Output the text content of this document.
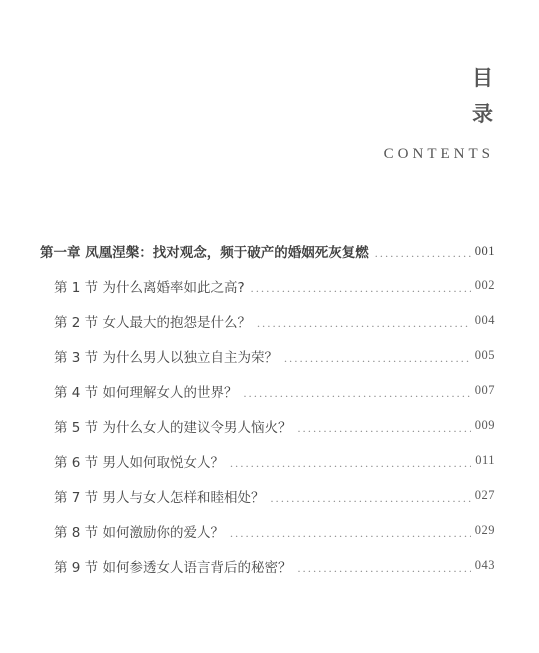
目
录
CONTENTS
第一章 凤凰涅槃：找对观念，频于破产的婚姻死灰复燃 .....	001
第 1 节 为什么离婚率如此之高? .....	002
第 2 节 女人最大的抱怨是什么？ .....	004
第 3 节 为什么男人以独立自主为荣？ .....	005
第 4 节 如何理解女人的世界？ .....	007
第 5 节 为什么女人的建议令男人恼火？ .....	009
第 6 节 男人如何取悦女人？ .....	011
第 7 节 男人与女人怎样和睦相处？ .....	027
第 8 节 如何激励你的爱人？ .....	029
第 9 节 如何参透女人语言背后的秘密？ .....	043
